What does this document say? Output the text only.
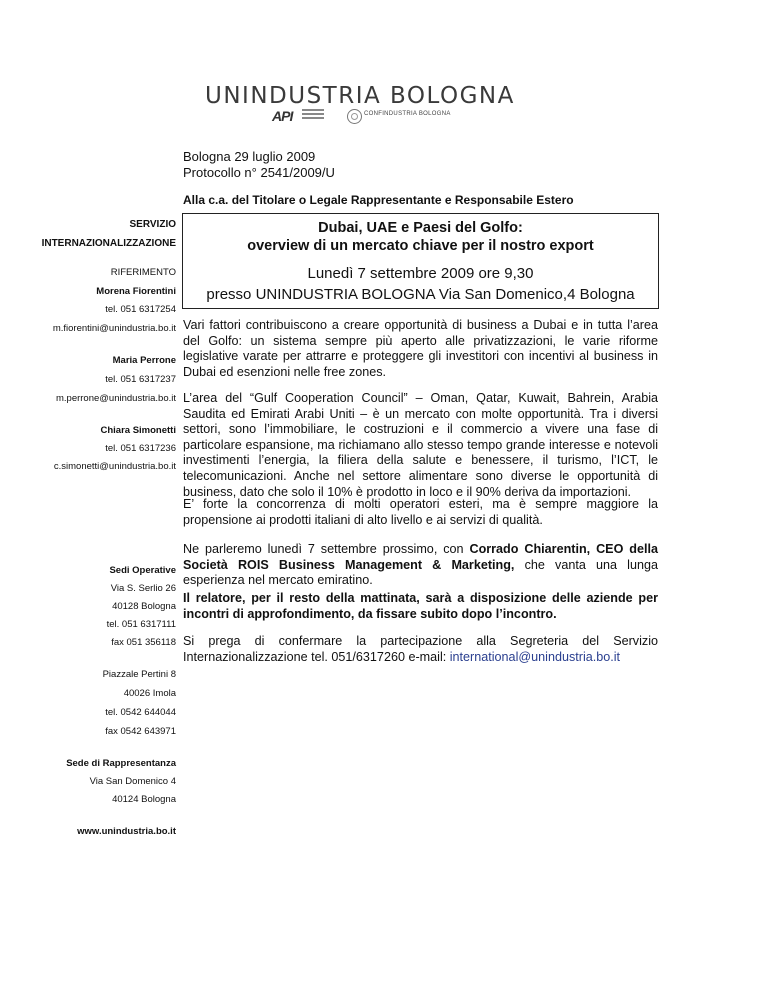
UNINDUSTRIA BOLOGNA
API	CONFINDUSTRIA BOLOGNA
Bologna 29 luglio 2009
Protocollo n° 2541/2009/U
Alla c.a. del Titolare o Legale Rappresentante e Responsabile Estero
SERVIZIO
INTERNAZIONALIZZAZIONE
RIFERIMENTO
Morena Fiorentini
tel. 051 6317254
m.fiorentini@unindustria.bo.it
Maria Perrone
tel. 051 6317237
m.perrone@unindustria.bo.it
Chiara Simonetti
tel. 051 6317236
c.simonetti@unindustria.bo.it
Sedi Operative
Via S. Serlio 26
40128 Bologna
tel. 051 6317111
fax 051 356118
Piazzale Pertini 8
40026 Imola
tel. 0542 644044
fax 0542 643971
Sede di Rappresentanza
Via San Domenico 4
40124 Bologna
www.unindustria.bo.it
Dubai, UAE e Paesi del Golfo:
overview di un mercato chiave per il nostro export
Lunedì 7 settembre 2009 ore 9,30
presso UNINDUSTRIA BOLOGNA Via San Domenico,4 Bologna
Vari fattori contribuiscono a creare opportunità di business a Dubai e in tutta l’area del Golfo: un sistema sempre più aperto alle privatizzazioni, le varie riforme legislative varate per attrarre e proteggere gli investitori con incentivi al business in Dubai ed esenzioni nelle free zones.
L’area del “Gulf Cooperation Council” – Oman, Qatar, Kuwait, Bahrein, Arabia Saudita ed Emirati Arabi Uniti – è un mercato con molte opportunità. Tra i diversi settori, sono l’immobiliare, le costruzioni e il commercio a vivere una fase di particolare espansione, ma richiamano allo stesso tempo grande interesse e notevoli investimenti l’energia, la filiera della salute e benessere, il turismo, l’ICT, le telecomunicazioni. Anche nel settore alimentare sono diverse le opportunità di business, dato che solo il 10% è prodotto in loco e il 90% deriva da importazioni.
E’ forte la concorrenza di molti operatori esteri, ma è sempre maggiore la propensione ai prodotti italiani di alto livello e ai servizi di qualità.
Ne parleremo lunedì 7 settembre prossimo, con Corrado Chiarentin, CEO della Società ROIS Business Management & Marketing, che vanta una lunga esperienza nel mercato emiratino.
Il relatore, per il resto della mattinata, sarà a disposizione delle aziende per incontri di approfondimento, da fissare subito dopo l’incontro.
Si prega di confermare la partecipazione alla Segreteria del Servizio Internazionalizzazione tel. 051/6317260 e-mail: international@unindustria.bo.it
